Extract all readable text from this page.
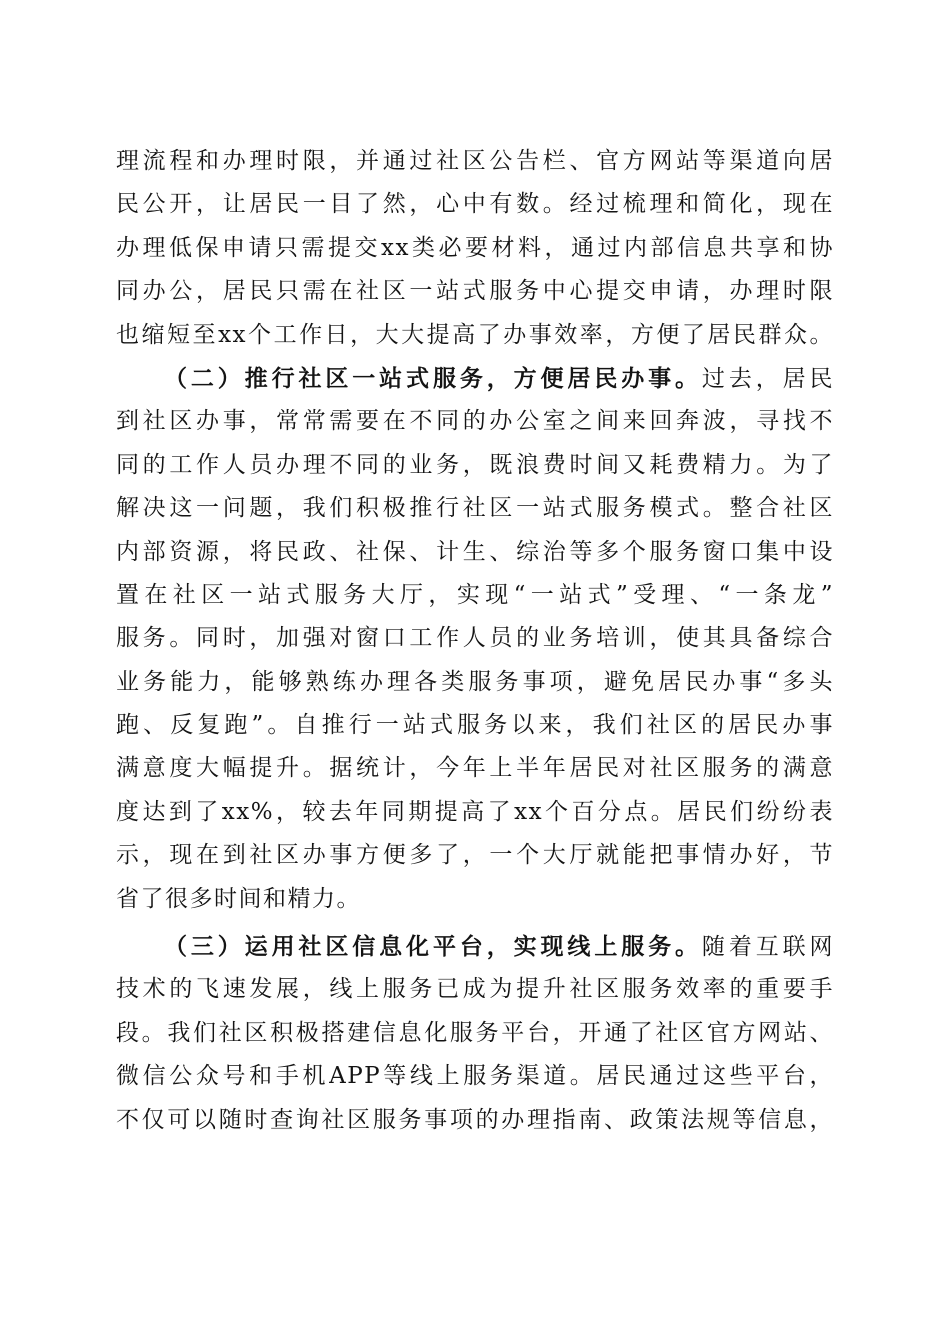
理流程和办理时限，并通过社区公告栏、官方网站等渠道向居
民公开，让居民一目了然，心中有数。经过梳理和简化，现在
办理低保申请只需提交xx类必要材料，通过内部信息共享和协
同办公，居民只需在社区一站式服务中心提交申请，办理时限
也缩短至xx个工作日，大大提高了办事效率，方便了居民群众。
（二）推行社区一站式服务，方便居民办事。过去，居民
到社区办事，常常需要在不同的办公室之间来回奔波，寻找不
同的工作人员办理不同的业务，既浪费时间又耗费精力。为了
解决这一问题，我们积极推行社区一站式服务模式。整合社区
内部资源，将民政、社保、计生、综治等多个服务窗口集中设
置在社区一站式服务大厅，实现“一站式”受理、“一条龙”
服务。同时，加强对窗口工作人员的业务培训，使其具备综合
业务能力，能够熟练办理各类服务事项，避免居民办事“多头
跑、反复跑”。自推行一站式服务以来，我们社区的居民办事
满意度大幅提升。据统计，今年上半年居民对社区服务的满意
度达到了xx%，较去年同期提高了xx个百分点。居民们纷纷表
示，现在到社区办事方便多了，一个大厅就能把事情办好，节
省了很多时间和精力。
（三）运用社区信息化平台，实现线上服务。随着互联网
技术的飞速发展，线上服务已成为提升社区服务效率的重要手
段。我们社区积极搭建信息化服务平台，开通了社区官方网站、
微信公众号和手机APP等线上服务渠道。居民通过这些平台，
不仅可以随时查询社区服务事项的办理指南、政策法规等信息，
